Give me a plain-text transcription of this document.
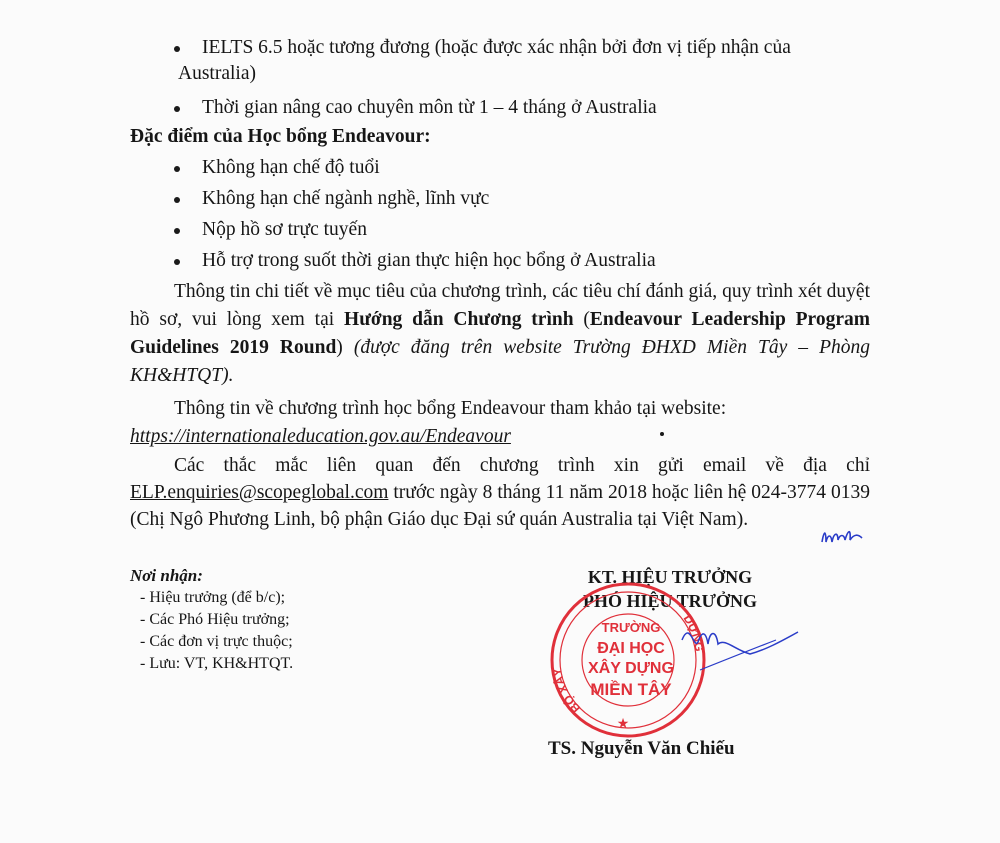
IELTS 6.5 hoặc tương đương (hoặc được xác nhận bởi đơn vị tiếp nhận của
Australia)
Thời gian nâng cao chuyên môn từ 1 – 4 tháng ở Australia
Đặc điểm của Học bổng Endeavour:
Không hạn chế độ tuổi
Không hạn chế ngành nghề, lĩnh vực
Nộp hồ sơ trực tuyến
Hỗ trợ trong suốt thời gian thực hiện học bổng ở Australia
Thông tin chi tiết về mục tiêu của chương trình, các tiêu chí đánh giá, quy trình xét duyệt hồ sơ, vui lòng xem tại Hướng dẫn Chương trình (Endeavour Leadership Program Guidelines 2019 Round) (được đăng trên website Trường ĐHXD Miền Tây – Phòng KH&HTQT).
Thông tin về chương trình học bổng Endeavour tham khảo tại website:
https://internationaleducation.gov.au/Endeavour
Các thắc mắc liên quan đến chương trình xin gửi email về địa chỉ ELP.enquiries@scopeglobal.com trước ngày 8 tháng 11 năm 2018 hoặc liên hệ 024-3774 0139 (Chị Ngô Phương Linh, bộ phận Giáo dục Đại sứ quán Australia tại Việt Nam).
Nơi nhận:
- Hiệu trưởng (để b/c);
- Các Phó Hiệu trưởng;
- Các đơn vị trực thuộc;
- Lưu: VT, KH&HTQT.
KT. HIỆU TRƯỞNG
PHÓ HIỆU TRƯỞNG
BỘ XÂY
DỰNG
TRƯỜNG
ĐẠI HỌC
XÂY DỰNG
MIỀN TÂY
★
TS. Nguyễn Văn Chiếu
